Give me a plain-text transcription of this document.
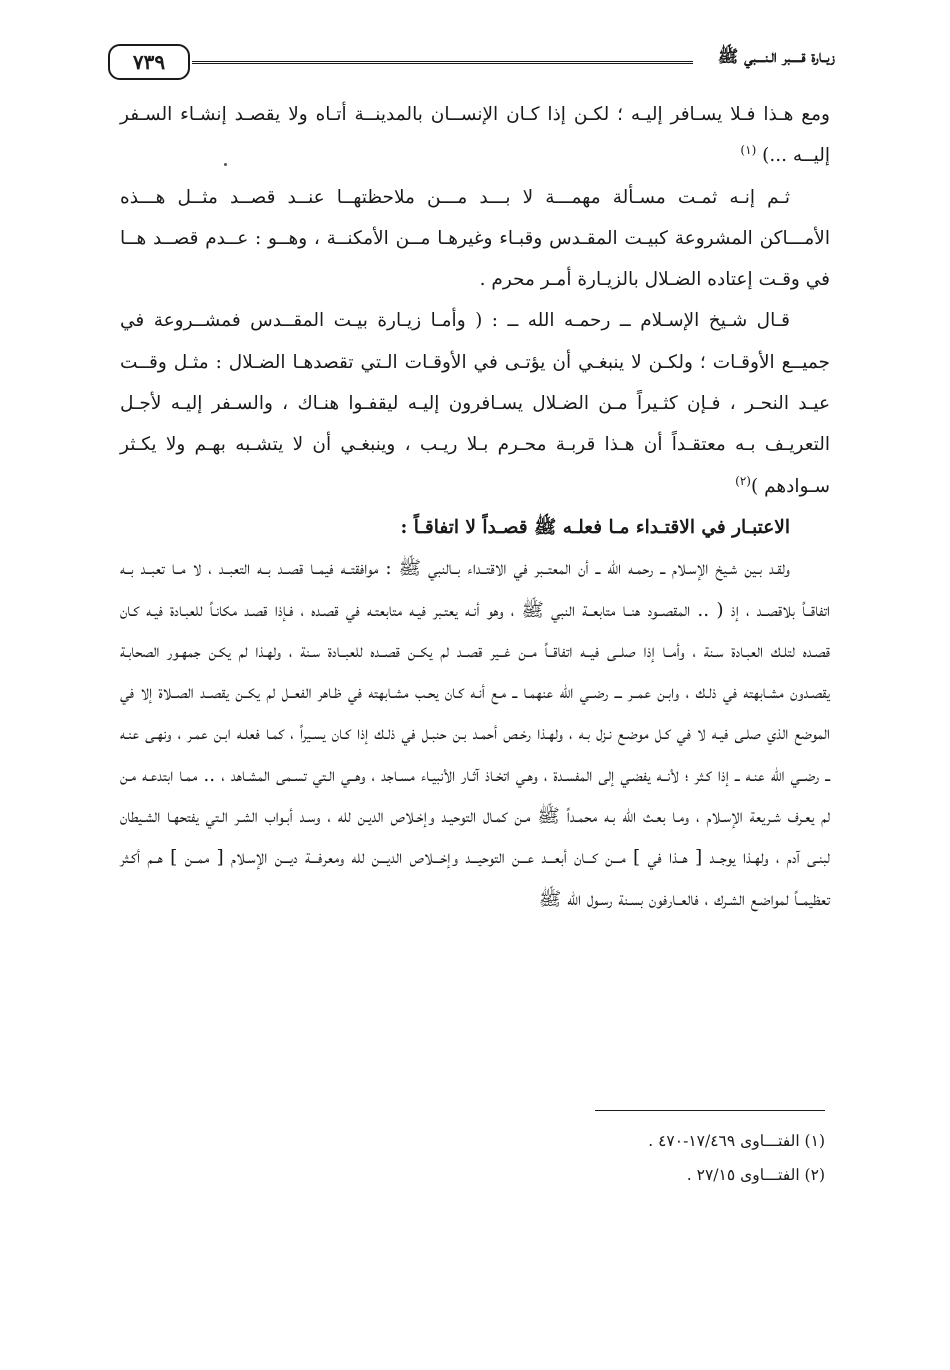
زيــارة قـــــبر الـنــــبي ﷺ
٧٣٩

ومع هـذا فـلا يسـافر إليـه ؛ لكـن إذا كـان الإنســان بالمدينــة أتـاه ولا يقصـد إنشـاء السـفر إليــه ...) $^{(١)}$

ثـم إنـه ثمـت مسـألة مهمـــة لا بـــد مـــن ملاحظتهــا عنــد قصــد مثــل هـــذه الأمـــاكن المشروعة كبيـت المقـدس وقبـاء وغيرهـا مــن الأمكنــة ، وهــو : عــدم قصــد هــا في وقـت إعتاده الضـلال بالزيـارة أمـر محرم .

قـال شـيخ الإسـلام ــ رحمـه الله ــ : ( وأمـا زيـارة بيـت المقــدس فمشــروعة في جميــع الأوقـات ؛ ولكـن لا ينبغـي أن يؤتـى في الأوقـات الـتي تقصدهـا الضـلال : مثـل وقــت عيـد النحـر ، فـإن كثـيراً مـن الضـلال يسـافرون إليـه ليقفـوا هنـاك ، والسـفر إليـه لأجـل التعريـف بـه معتقـداً أن هـذا قربـة محـرم بـلا ريـب ، وينبغـي أن لا يتشـبه بهـم ولا يكـثر سـوادهم )$^{(٢)}$

الاعتبـار في الاقتـداء مـا فعلـه ﷺ قصـداً لا اتفاقـاً :

ولقـد بـين شـيخ الإسـلام ــ رحمـه الله ــ أن المعتــبر في الاقتــداء بــالنبي ﷺ : موافقتــه فيمــا قصــد بــه التعبــد ، لا مــا تعبــد بــه اتفاقــاً بلاقصــد ، إذ ( .. المقصــود هنــا متابعــة النبي ﷺ ، وهو أنـه يعتـبر فيـه متابعتـه في قصـده ، فـإذا قصـد مكانـاً للعبـادة فيـه كـان قصـده لتلـك العبـادة سـنة ، وأمــا إذا صلــى فيــه اتفاقــاً مــن غــير قصــد لم يكــن قصــده للعبــادة سـنة ، ولهـذا لم يكـن جمهـور الصحابـة يقصـدون مشـابهته في ذلـك ، وابـن عمــر ـــ رضــي الله عنهمـا ــ مـع أنـه كـان يحـب مشـابهته في ظـاهر الفعــل لم يكــن يقصــد الصــلاة إلا في الموضع الذي صلـى فيـه لا في كـل موضـع نـزل بـه ، ولهـذا رخـص أحمـد بـن حنبـل في ذلـك إذا كـان يسـيراً ، كمـا فعلـه ابـن عمـر ، ونهـى عنـه ــ رضــي الله عنـه ــ إذا كـثر ؛ لأنــه يفضـي إلى المفسـدة ، وهـي اتخـاذ آثـار الأنبيـاء مسـاجد ، وهــي الـتي تسـمى المشـاهد ، .. ممـا ابتدعـه مـن لم يعـرف شـريعة الإسـلام ، ومـا بعـث الله بـه محمـداً ﷺ مـن كمـال التوحيـد وإخـلاص الديـن لله ، وسـد أبـواب الشـر الـتي يفتحهـا الشـيطان لبنـى آدم ، ولهـذا يوجــد [ هــذا في ] مـــن كـــان أبعـــد عـــن التوحيـــد وإخـــلاص الديـــن لله ومعرفـــة ديـــن الإسـلام [ ممــن ] هــم أكـثر تعظيمــاً لمواضـع الشـرك ، فالعــارفون بسـنة رسـول الله ﷺ

(١) الفتـــاوى ١٧/٤٦٩-٤٧٠ .

(٢) الفتـــاوى ٢٧/١٥ .
